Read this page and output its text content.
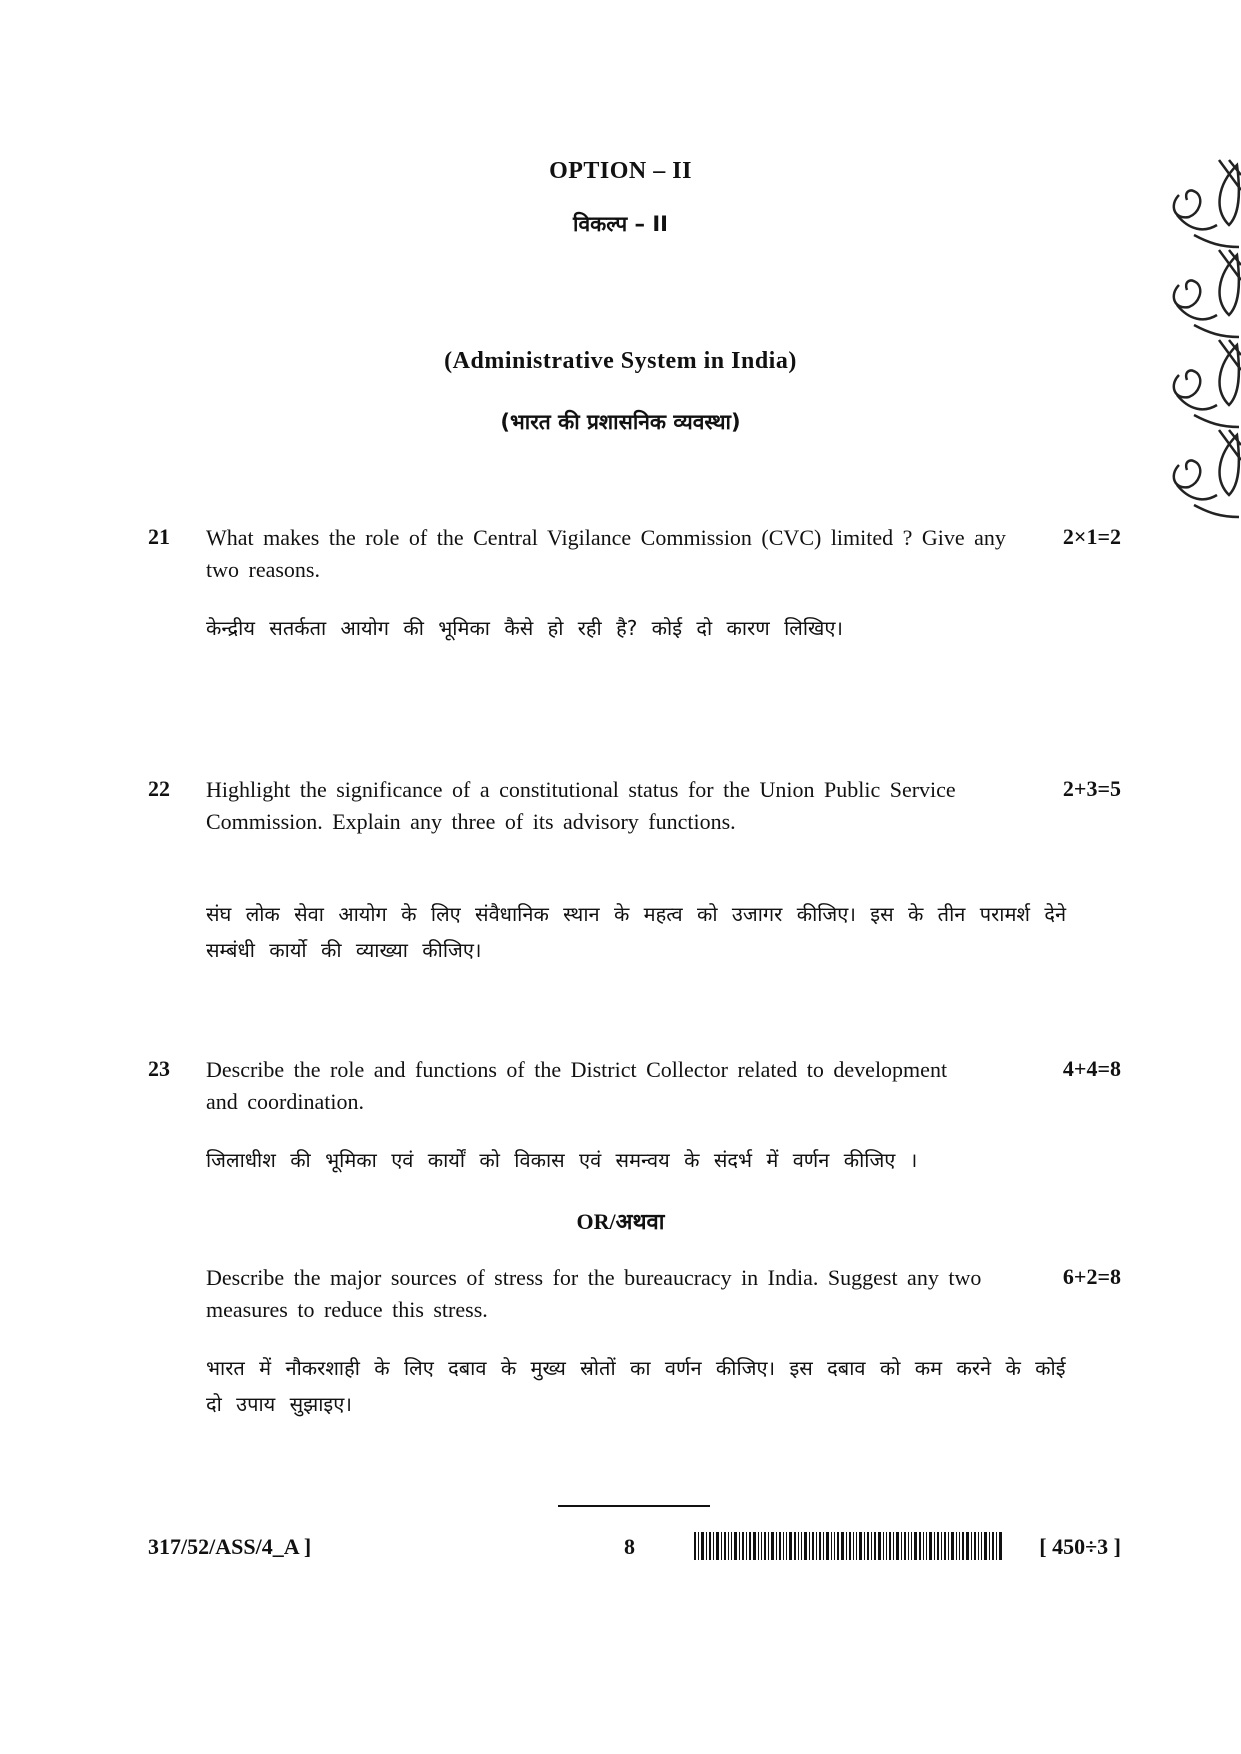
OPTION – II
विकल्प – II
(Administrative System in India)
(भारत की प्रशासनिक व्यवस्था)
21 What makes the role of the Central Vigilance Commission (CVC) limited ? Give any two reasons.
2×1=2
केन्द्रीय सतर्कता आयोग की भूमिका कैसे हो रही है? कोई दो कारण लिखिए।
22 Highlight the significance of a constitutional status for the Union Public Service Commission. Explain any three of its advisory functions.
2+3=5
संघ लोक सेवा आयोग के लिए संवैधानिक स्थान के महत्व को उजागर कीजिए। इस के तीन परामर्श देने सम्बंधी कार्यो की व्याख्या कीजिए।
23 Describe the role and functions of the District Collector related to development and coordination.
4+4=8
जिलाधीश की भूमिका एवं कार्यों को विकास एवं समन्वय के संदर्भ में वर्णन कीजिए ।
OR/अथवा
Describe the major sources of stress for the bureaucracy in India. Suggest any two measures to reduce this stress.
6+2=8
भारत में नौकरशाही के लिए दबाव के मुख्य स्रोतों का वर्णन कीजिए। इस दबाव को कम करने के कोई दो उपाय सुझाइए।
317/52/ASS/4_A ]	8	[ 450÷3 ]
